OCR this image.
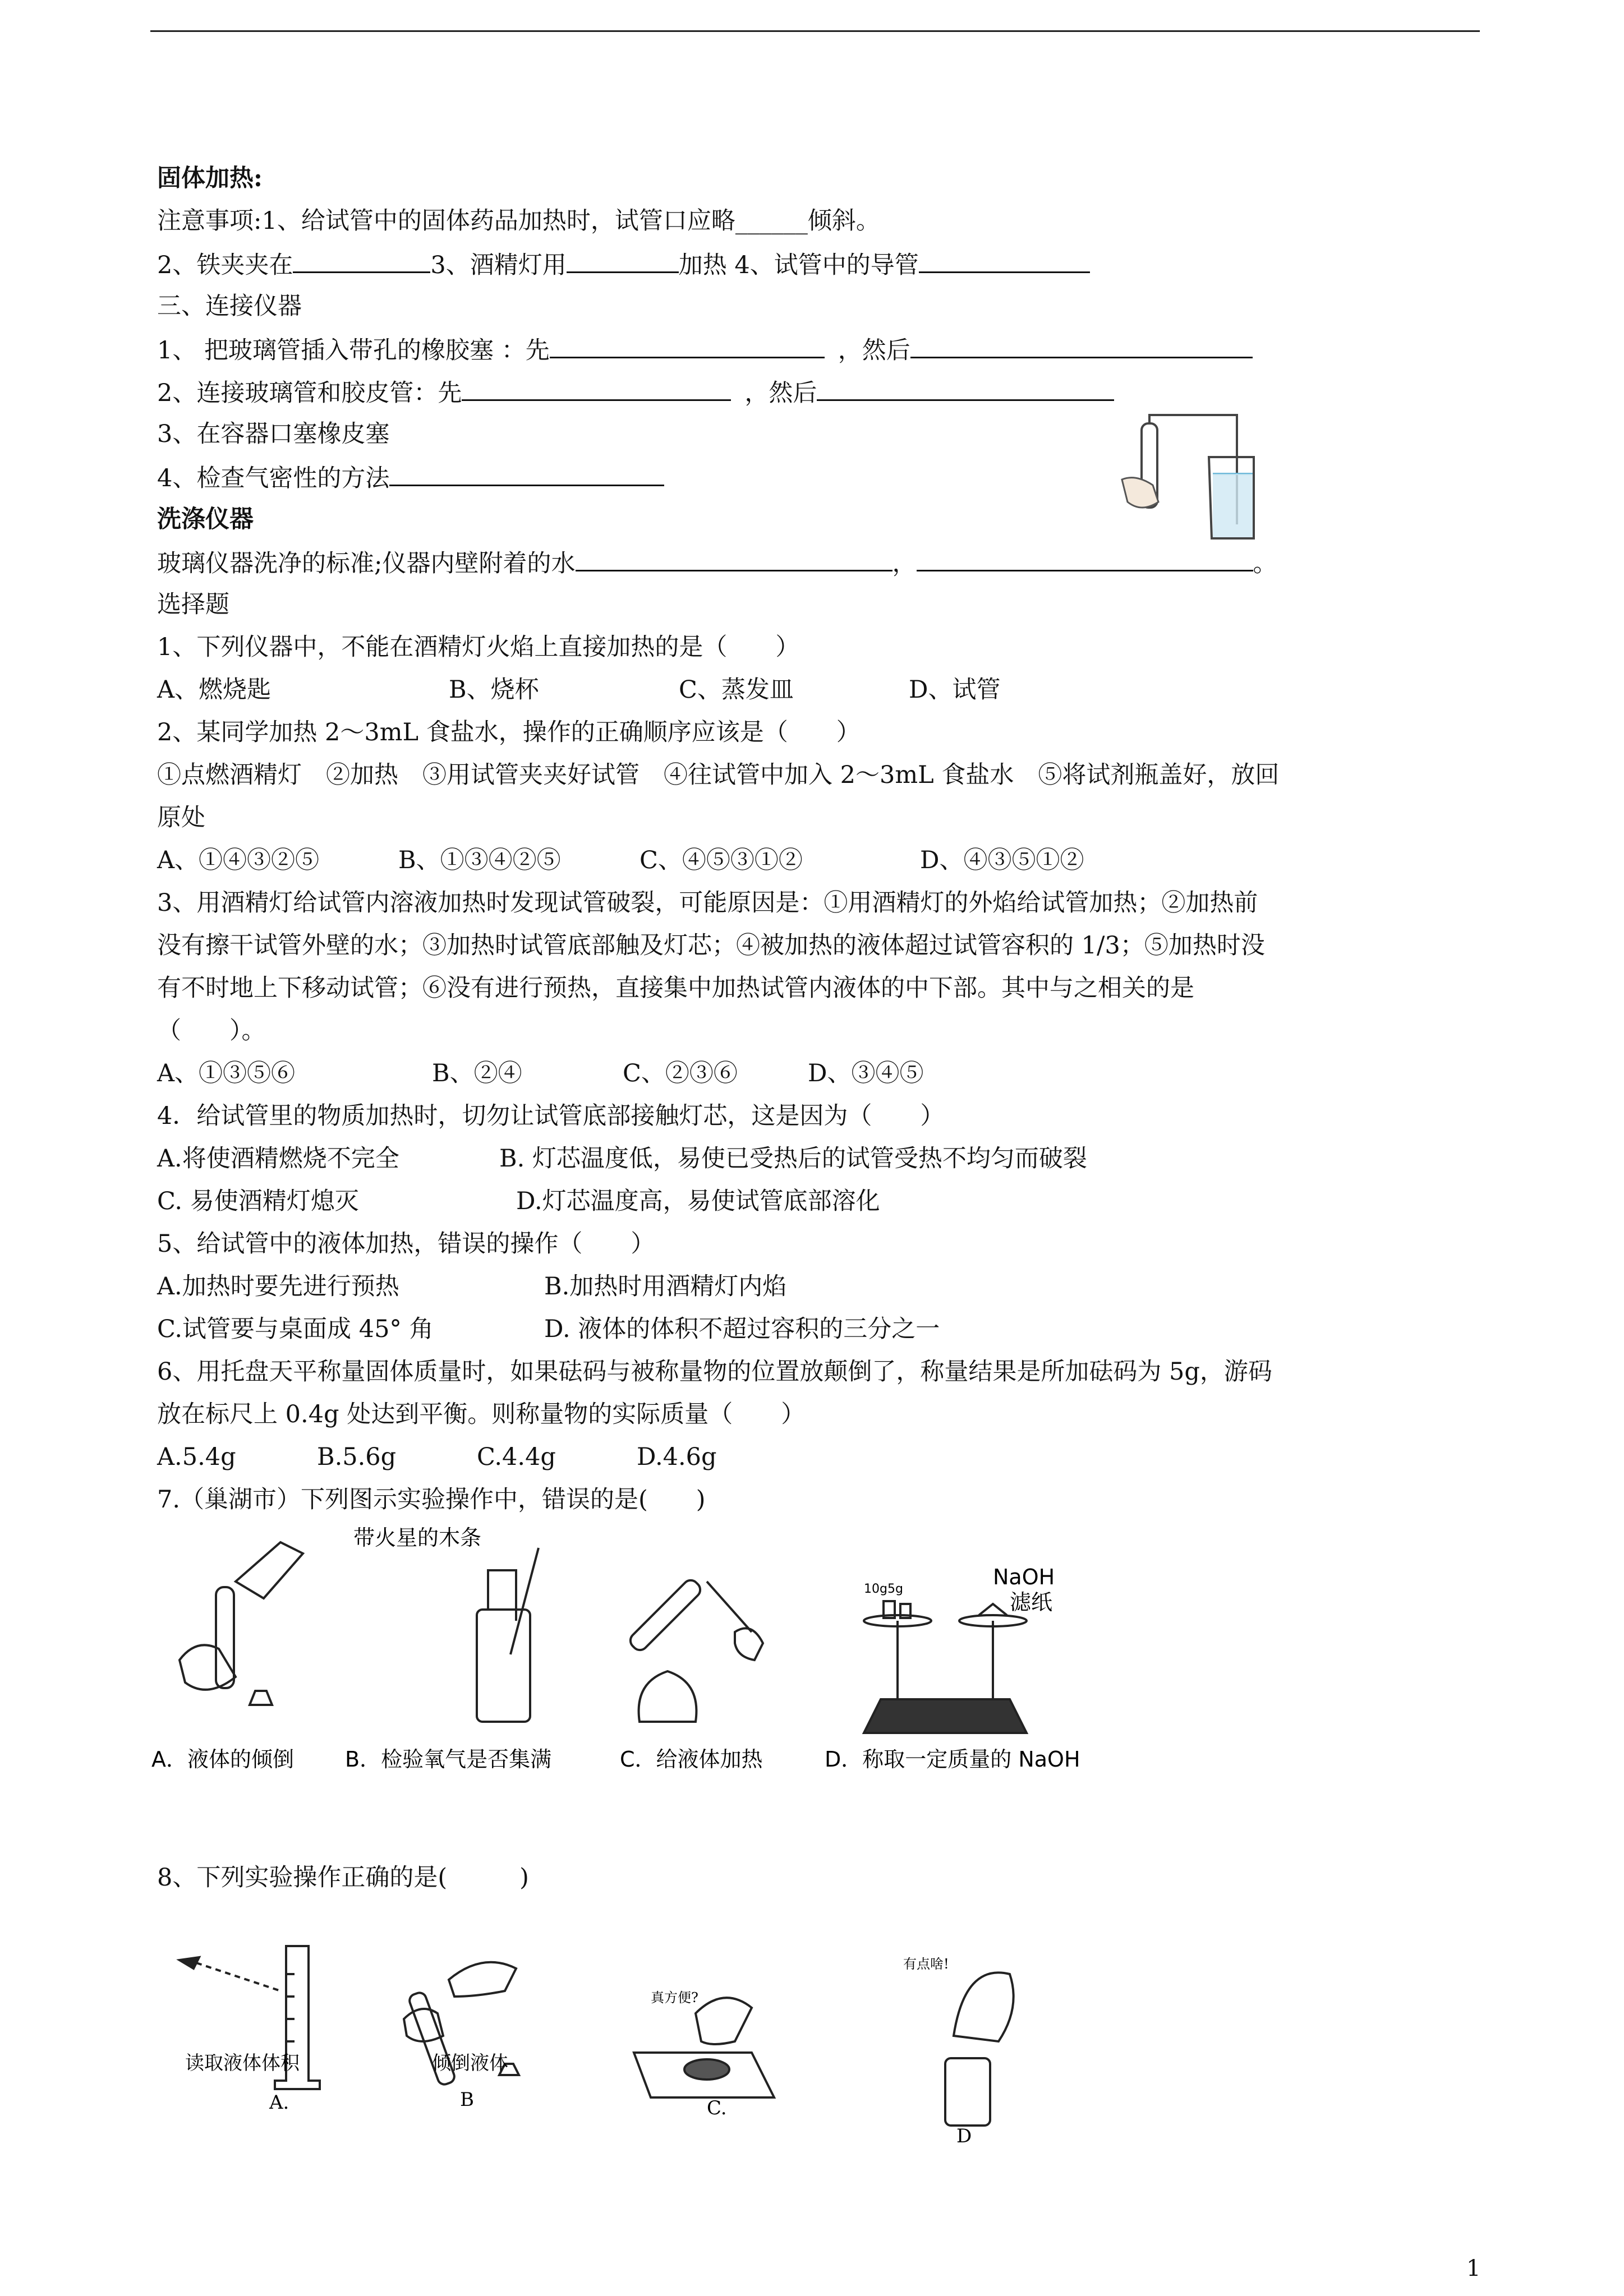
固体加热:
注意事项:1、给试管中的固体药品加热时，试管口应略______倾斜。
2、铁夹夹在	3、酒精灯用	加热 4、试管中的导管
三、连接仪器
1、 把玻璃管插入带孔的橡胶塞 ：先	，然后
2、连接玻璃管和胶皮管：先	，然后
3、在容器口塞橡皮塞
4、检查气密性的方法
洗涤仪器
玻璃仪器洗净的标准;仪器内壁附着的水	，	。
选择题
1、下列仪器中，不能在酒精灯火焰上直接加热的是（　　）
A、燃烧匙	B、烧杯	C、蒸发皿	D、试管
2、某同学加热 2～3mL 食盐水，操作的正确顺序应该是（　　）
①点燃酒精灯　②加热　③用试管夹夹好试管　④往试管中加入 2～3mL 食盐水　⑤将试剂瓶盖好，放回
原处
A、①④③②⑤	B、①③④②⑤	C、④⑤③①②	D、④③⑤①②
3、用酒精灯给试管内溶液加热时发现试管破裂，可能原因是：①用酒精灯的外焰给试管加热；②加热前
没有擦干试管外壁的水；③加热时试管底部触及灯芯；④被加热的液体超过试管容积的 1/3；⑤加热时没
有不时地上下移动试管；⑥没有进行预热，直接集中加热试管内液体的中下部。其中与之相关的是
（　　）。
A、①③⑤⑥	B、②④	C、②③⑥	D、③④⑤
4．给试管里的物质加热时，切勿让试管底部接触灯芯，这是因为（　　）
A.将使酒精燃烧不完全	B. 灯芯温度低，易使已受热后的试管受热不均匀而破裂
C. 易使酒精灯熄灭	D.灯芯温度高，易使试管底部溶化
5、给试管中的液体加热，错误的操作（　　）
A.加热时要先进行预热	B.加热时用酒精灯内焰
C.试管要与桌面成 45° 角	D. 液体的体积不超过容积的三分之一
6、用托盘天平称量固体质量时，如果砝码与被称量物的位置放颠倒了，称量结果是所加砝码为 5g，游码
放在标尺上 0.4g 处达到平衡。则称量物的实际质量（　　）
A.5.4g	B.5.6g	C.4.4g	D.4.6g
7.（巢湖市）下列图示实验操作中，错误的是(　　)
带火星的木条
10g5g	NaOH
滤纸
A．液体的倾倒 B．检验氧气是否集满	C．给液体加热	D．称取一定质量的 NaOH
8、下列实验操作正确的是(　　　)
读取液体体积
A.
倾倒液体
B
真方便?
C.
有点啥!
D
1
